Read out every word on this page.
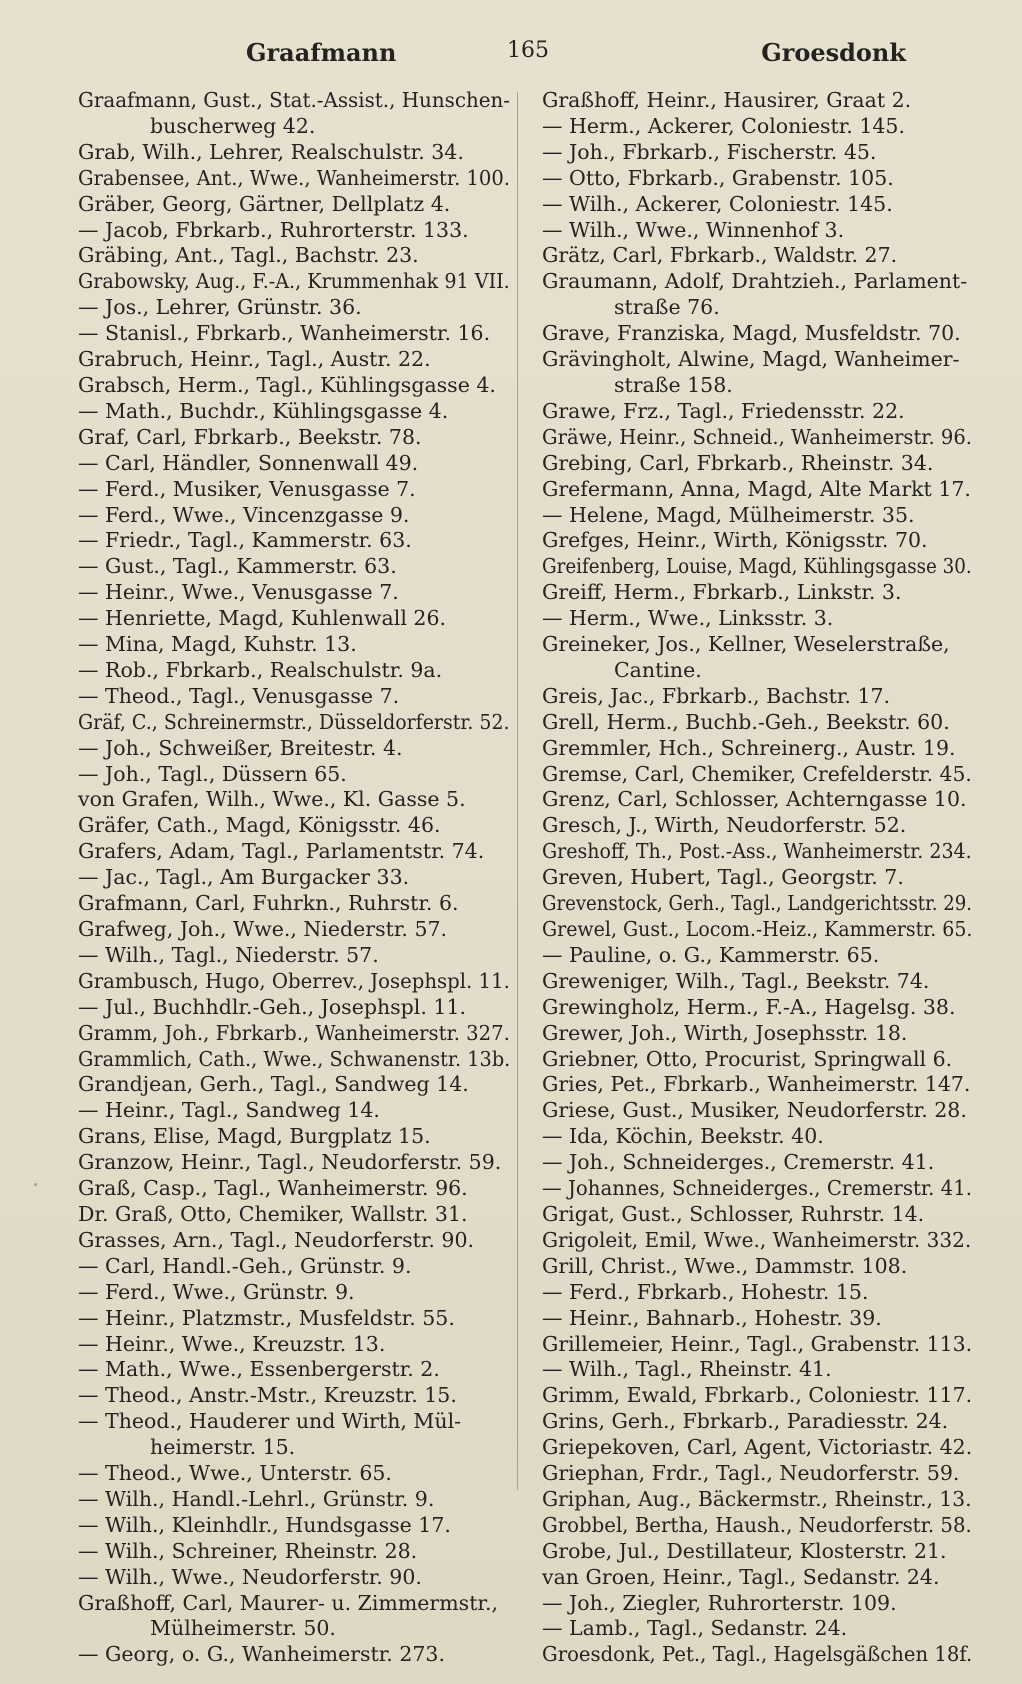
Graafmann	165	Groesdonk
Graafmann, Gust., Stat.-Assist., Hunschen-
buscherweg 42.
Grab, Wilh., Lehrer, Realschulstr. 34.
Grabensee, Ant., Wwe., Wanheimerstr. 100.
Gräber, Georg, Gärtner, Dellplatz 4.
— Jacob, Fbrkarb., Ruhrorterstr. 133.
Gräbing, Ant., Tagl., Bachstr. 23.
Grabowsky, Aug., F.-A., Krummenhak 91 VII.
— Jos., Lehrer, Grünstr. 36.
— Stanisl., Fbrkarb., Wanheimerstr. 16.
Grabruch, Heinr., Tagl., Austr. 22.
Grabsch, Herm., Tagl., Kühlingsgasse 4.
— Math., Buchdr., Kühlingsgasse 4.
Graf, Carl, Fbrkarb., Beekstr. 78.
— Carl, Händler, Sonnenwall 49.
— Ferd., Musiker, Venusgasse 7.
— Ferd., Wwe., Vincenzgasse 9.
— Friedr., Tagl., Kammerstr. 63.
— Gust., Tagl., Kammerstr. 63.
— Heinr., Wwe., Venusgasse 7.
— Henriette, Magd, Kuhlenwall 26.
— Mina, Magd, Kuhstr. 13.
— Rob., Fbrkarb., Realschulstr. 9a.
— Theod., Tagl., Venusgasse 7.
Gräf, C., Schreinermstr., Düsseldorferstr. 52.
— Joh., Schweißer, Breitestr. 4.
— Joh., Tagl., Düssern 65.
von Grafen, Wilh., Wwe., Kl. Gasse 5.
Gräfer, Cath., Magd, Königsstr. 46.
Grafers, Adam, Tagl., Parlamentstr. 74.
— Jac., Tagl., Am Burgacker 33.
Grafmann, Carl, Fuhrkn., Ruhrstr. 6.
Grafweg, Joh., Wwe., Niederstr. 57.
— Wilh., Tagl., Niederstr. 57.
Grambusch, Hugo, Oberrev., Josephspl. 11.
— Jul., Buchhdlr.-Geh., Josephspl. 11.
Gramm, Joh., Fbrkarb., Wanheimerstr. 327.
Grammlich, Cath., Wwe., Schwanenstr. 13b.
Grandjean, Gerh., Tagl., Sandweg 14.
— Heinr., Tagl., Sandweg 14.
Grans, Elise, Magd, Burgplatz 15.
Granzow, Heinr., Tagl., Neudorferstr. 59.
Graß, Casp., Tagl., Wanheimerstr. 96.
Dr. Graß, Otto, Chemiker, Wallstr. 31.
Grasses, Arn., Tagl., Neudorferstr. 90.
— Carl, Handl.-Geh., Grünstr. 9.
— Ferd., Wwe., Grünstr. 9.
— Heinr., Platzmstr., Musfeldstr. 55.
— Heinr., Wwe., Kreuzstr. 13.
— Math., Wwe., Essenbergerstr. 2.
— Theod., Anstr.-Mstr., Kreuzstr. 15.
— Theod., Hauderer und Wirth, Mül-
heimerstr. 15.
— Theod., Wwe., Unterstr. 65.
— Wilh., Handl.-Lehrl., Grünstr. 9.
— Wilh., Kleinhdlr., Hundsgasse 17.
— Wilh., Schreiner, Rheinstr. 28.
— Wilh., Wwe., Neudorferstr. 90.
Graßhoff, Carl, Maurer- u. Zimmermstr.,
Mülheimerstr. 50.
— Georg, o. G., Wanheimerstr. 273.
Graßhoff, Heinr., Hausirer, Graat 2.
— Herm., Ackerer, Coloniestr. 145.
— Joh., Fbrkarb., Fischerstr. 45.
— Otto, Fbrkarb., Grabenstr. 105.
— Wilh., Ackerer, Coloniestr. 145.
— Wilh., Wwe., Winnenhof 3.
Grätz, Carl, Fbrkarb., Waldstr. 27.
Graumann, Adolf, Drahtzieh., Parlament-
straße 76.
Grave, Franziska, Magd, Musfeldstr. 70.
Grävingholt, Alwine, Magd, Wanheimer-
straße 158.
Grawe, Frz., Tagl., Friedensstr. 22.
Gräwe, Heinr., Schneid., Wanheimerstr. 96.
Grebing, Carl, Fbrkarb., Rheinstr. 34.
Grefermann, Anna, Magd, Alte Markt 17.
— Helene, Magd, Mülheimerstr. 35.
Grefges, Heinr., Wirth, Königsstr. 70.
Greifenberg, Louise, Magd, Kühlingsgasse 30.
Greiff, Herm., Fbrkarb., Linkstr. 3.
— Herm., Wwe., Linksstr. 3.
Greineker, Jos., Kellner, Weselerstraße,
Cantine.
Greis, Jac., Fbrkarb., Bachstr. 17.
Grell, Herm., Buchb.-Geh., Beekstr. 60.
Gremmler, Hch., Schreinerg., Austr. 19.
Gremse, Carl, Chemiker, Crefelderstr. 45.
Grenz, Carl, Schlosser, Achterngasse 10.
Gresch, J., Wirth, Neudorferstr. 52.
Greshoff, Th., Post.-Ass., Wanheimerstr. 234.
Greven, Hubert, Tagl., Georgstr. 7.
Grevenstock, Gerh., Tagl., Landgerichtsstr. 29.
Grewel, Gust., Locom.-Heiz., Kammerstr. 65.
— Pauline, o. G., Kammerstr. 65.
Greweniger, Wilh., Tagl., Beekstr. 74.
Grewingholz, Herm., F.-A., Hagelsg. 38.
Grewer, Joh., Wirth, Josephsstr. 18.
Griebner, Otto, Procurist, Springwall 6.
Gries, Pet., Fbrkarb., Wanheimerstr. 147.
Griese, Gust., Musiker, Neudorferstr. 28.
— Ida, Köchin, Beekstr. 40.
— Joh., Schneiderges., Cremerstr. 41.
— Johannes, Schneiderges., Cremerstr. 41.
Grigat, Gust., Schlosser, Ruhrstr. 14.
Grigoleit, Emil, Wwe., Wanheimerstr. 332.
Grill, Christ., Wwe., Dammstr. 108.
— Ferd., Fbrkarb., Hohestr. 15.
— Heinr., Bahnarb., Hohestr. 39.
Grillemeier, Heinr., Tagl., Grabenstr. 113.
— Wilh., Tagl., Rheinstr. 41.
Grimm, Ewald, Fbrkarb., Coloniestr. 117.
Grins, Gerh., Fbrkarb., Paradiesstr. 24.
Griepekoven, Carl, Agent, Victoriastr. 42.
Griephan, Frdr., Tagl., Neudorferstr. 59.
Griphan, Aug., Bäckermstr., Rheinstr., 13.
Grobbel, Bertha, Haush., Neudorferstr. 58.
Grobe, Jul., Destillateur, Klosterstr. 21.
van Groen, Heinr., Tagl., Sedanstr. 24.
— Joh., Ziegler, Ruhrorterstr. 109.
— Lamb., Tagl., Sedanstr. 24.
Groesdonk, Pet., Tagl., Hagelsgäßchen 18f.
